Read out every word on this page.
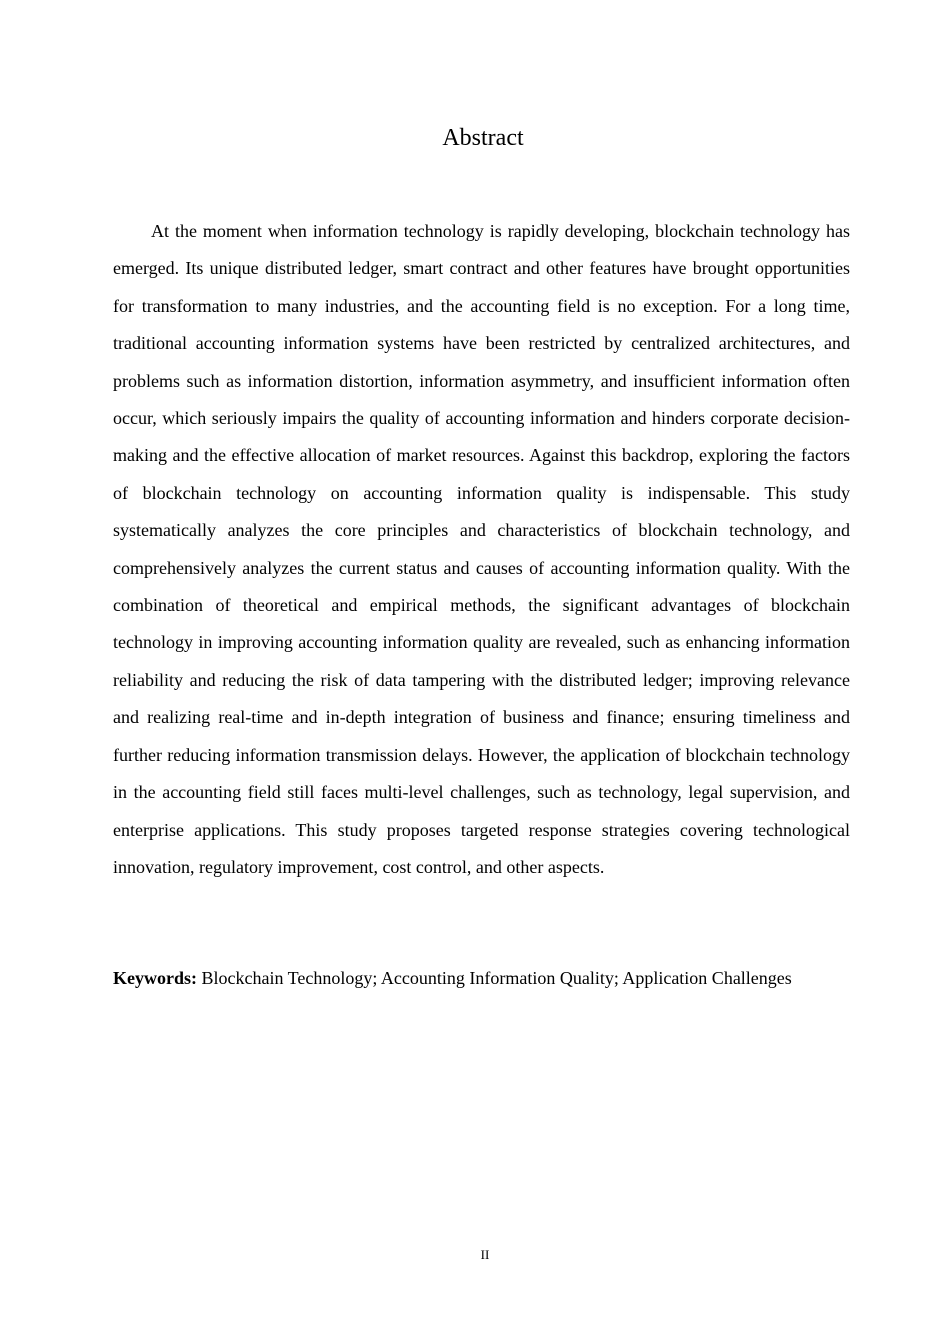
Abstract

At the moment when information technology is rapidly developing, blockchain technology has emerged. Its unique distributed ledger, smart contract and other features have brought opportunities for transformation to many industries, and the accounting field is no exception. For a long time, traditional accounting information systems have been restricted by centralized architectures, and problems such as information distortion, information asymmetry, and insufficient information often occur, which seriously impairs the quality of accounting information and hinders corporate decision-making and the effective allocation of market resources. Against this backdrop, exploring the factors of blockchain technology on accounting information quality is indispensable. This study systematically analyzes the core principles and characteristics of blockchain technology, and comprehensively analyzes the current status and causes of accounting information quality. With the combination of theoretical and empirical methods, the significant advantages of blockchain technology in improving accounting information quality are revealed, such as enhancing information reliability and reducing the risk of data tampering with the distributed ledger; improving relevance and realizing real-time and in-depth integration of business and finance; ensuring timeliness and further reducing information transmission delays. However, the application of blockchain technology in the accounting field still faces multi-level challenges, such as technology, legal supervision, and enterprise applications. This study proposes targeted response strategies covering technological innovation, regulatory improvement, cost control, and other aspects.

Keywords: Blockchain Technology; Accounting Information Quality; Application Challenges

II
